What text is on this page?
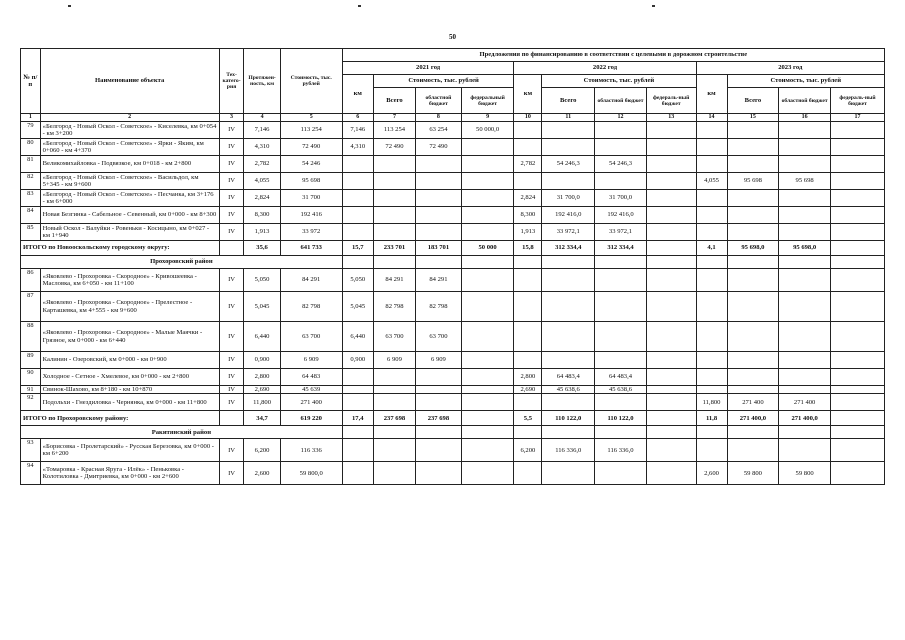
50
№ п/п	Наименование объекта	Тех-катего-рия	Протяжен-ность, км	Стоимость, тыс. рублей	Предложения по финансированию в соответствии с целевыми в дорожном строительстве											
					2021 год				2022 год				2023 год			
					км	Стоимость, тыс. рублей			км	Стоимость, тыс. рублей			км	Стоимость, тыс. рублей		
						Всего	областной бюджет	федеральный бюджет		Всего	областной бюджет	федераль-ный бюджет		Всего	областной бюджет	федераль-ный бюджет
1	2	3	4	5	6	7	8	9	10	11	12	13	14	15	16	17
79	«Белгород - Новый Оскол - Советское» - Киселевка, км 0+054 - км 3+200	IV	7,146	113 254	7,146	113 254	63 254	50 000,0								
80	«Белгород - Новый Оскол - Советское» - Ярки - Яким, км 0+060 - км 4+370	IV	4,310	72 490	4,310	72 490	72 490									
81	Великомихайловка - Подвязкое, км 0+018 - км 2+800	IV	2,782	54 246					2,782	54 246,3	54 246,3					
82	«Белгород - Новый Оскол - Советское» - Васильдол, км 5+345 - км 9+600	IV	4,055	95 698									4,055	95 698	95 698	
83	«Белгород - Новый Оскол - Советское» - Песчанка, км 3+176 - км 6+000	IV	2,824	31 700					2,824	31 700,0	31 700,0					
84	Новая Безгинка - Сабельное - Севенный, км 0+000 - км 8+300	IV	8,300	192 416					8,300	192 416,0	192 416,0					
85	Новый Оскол - Валуйки - Ровеньки - Косицыно, км 0+027 - км 1+940	IV	1,913	33 972					1,913	33 972,1	33 972,1					
ИТОГО по Новооскольскому городскому округу:			35,6	641 733	15,7	233 701	183 701	50 000	15,8	312 334,4	312 334,4		4,1	95 698,0	95 698,0	
Прохоровский район																
86	«Яковлево - Прохоровка - Скородное» - Кривошеевка - Масловка, км 6+050 - км 11+100	IV	5,050	84 291	5,050	84 291	84 291									
87	«Яковлево - Прохоровка - Скородное» - Прелестное - Карташевка, км 4+555 - км 9+600	IV	5,045	82 798	5,045	82 798	82 798									
88	«Яковлево - Прохоровка - Скородное» - Малые Маячки - Грязное, км 0+000 - км 6+440	IV	6,440	63 700	6,440	63 700	63 700									
89	Калинин - Озеровский, км 0+000 - км 0+900	IV	0,900	6 909	0,900	6 909	6 909									
90	Холодное - Сетное - Хмелевое, км 0+000 - км 2+800	IV	2,800	64 483					2,800	64 483,4	64 483,4					
91	Свинок-Шахово, км 8+180 - км 10+870	IV	2,690	45 639					2,690	45 638,6	45 638,6					
92	Подольхи - Гнездиловка - Чернянка, км 0+000 - км 11+800	IV	11,800	271 400									11,800	271 400	271 400	
ИТОГО по Прохоровскому району:			34,7	619 220	17,4	237 698	237 698		5,5	110 122,0	110 122,0		11,8	271 400,0	271 400,0	
Ракитянский район																
93	«Борисовка - Пролетарский» - Русская Березовка, км 0+000 - км 6+200	IV	6,200	116 336					6,200	116 336,0	116 336,0					
94	«Томаровка - Красная Яруга - Илёк» - Пеньковка - Колотиловка - Дмитриевка, км 0+000 - км 2+600	IV	2,600	59 800,0									2,600	59 800	59 800	
